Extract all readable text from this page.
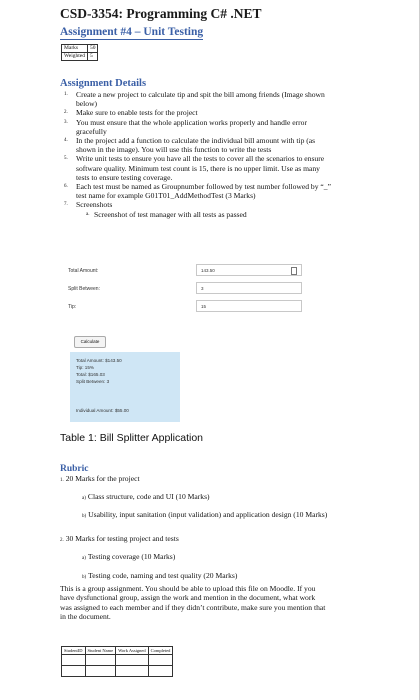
CSD-3354: Programming C# .NET
Assignment #4 – Unit Testing
Marks	50
Weighted	5
Assignment Details
1. Create a new project to calculate tip and spit the bill among friends (Image shown below)
2. Make sure to enable tests for the project
3. You must ensure that the whole application works properly and handle error gracefully
4. In the project add a function to calculate the individual bill amount with tip (as shown in the image). You will use this function to write the tests
5. Write unit tests to ensure you have all the tests to cover all the scenarios to ensure software quality. Minimum test count is 15, there is no upper limit. Use as many tests to ensure testing coverage.
6. Each test must be named as Groupnumber followed by test number followed by “_” test name for example G01T01_AddMethodTest (3 Marks)
7. Screenshots
a. Screenshot of test manager with all tests as passed
Total Amount:	143.50
Split Between:	3
Tip:	15
Calculate
Total Amount: $143.50
Tip: 15%
Total: $165.03
Split Between: 3
Individual Amount: $55.00
Table 1: Bill Splitter Application
Rubric
1. 20 Marks for the project
a) Class structure, code and UI (10 Marks)
b) Usability, input sanitation (input validation) and application design (10 Marks)
2. 30 Marks for testing project and tests
a) Testing coverage (10 Marks)
b) Testing code, naming and test quality (20 Marks)
This is a group assignment. You should be able to upload this file on Moodle. If you have dysfunctional group, assign the work and mention in the document, what work was assigned to each member and if they didn’t contribute, make sure you mention that in the document.
StudentID	Student Name	Work Assigned	Completed
